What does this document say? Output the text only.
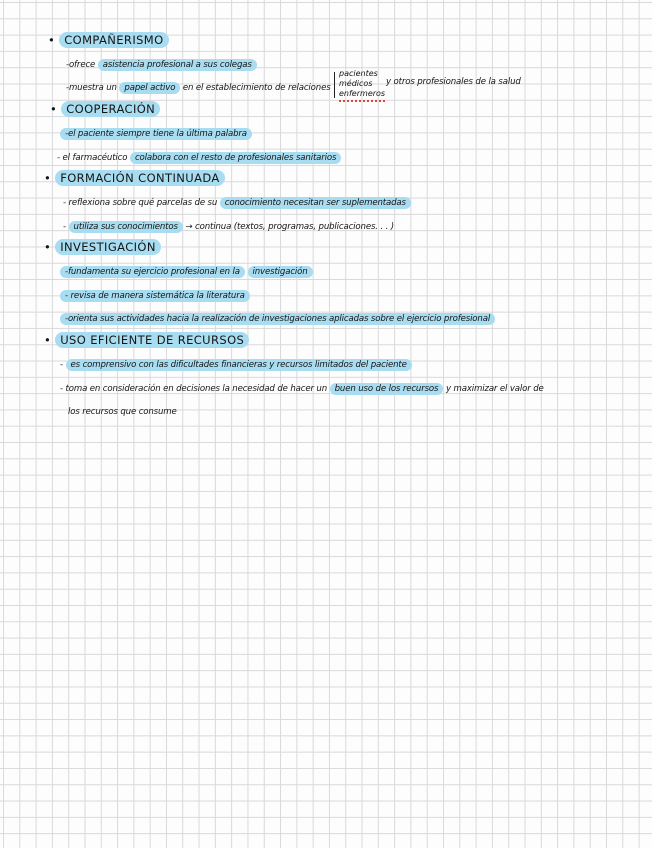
• COMPAÑERISMO
-ofrece asistencia profesional a sus colegas
-muestra un papel activo en el establecimiento de relaciones
pacientes
médicos
enfermeros
y otros profesionales de la salud
• COOPERACIÓN
-el paciente siempre tiene la última palabra
- el farmacéutico colabora con el resto de profesionales sanitarios
• FORMACIÓN CONTINUADA
- reflexiona sobre qué parcelas de su conocimiento necesitan ser suplementadas
- utiliza sus conocimientos → continua (textos, programas, publicaciones. . . )
• INVESTIGACIÓN
-fundamenta su ejercicio profesional en la investigación
- revisa de manera sistemática la literatura
-orienta sus actividades hacia la realización de investigaciones aplicadas sobre el ejercicio profesional
• USO EFICIENTE DE RECURSOS
- es comprensivo con las dificultades financieras y recursos limitados del paciente
- toma en consideración en decisiones la necesidad de hacer un buen uso de los recursos y maximizar el valor de
los recursos que consume
